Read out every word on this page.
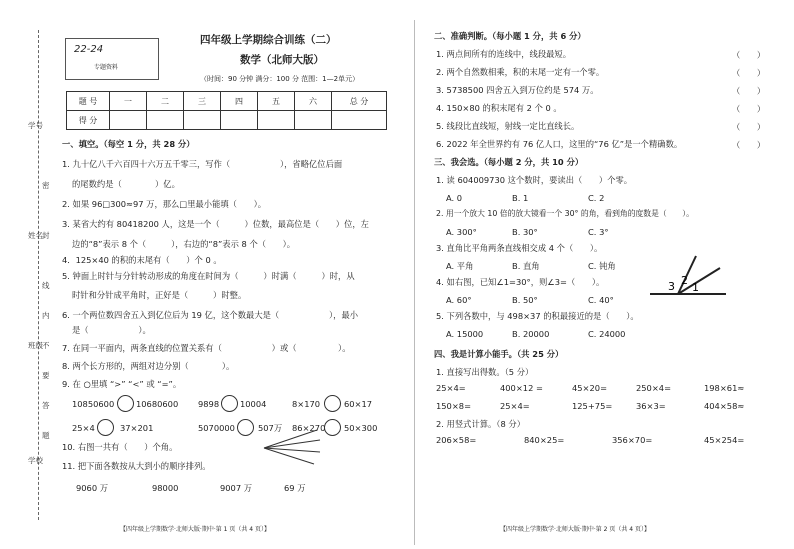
学号
姓名
班级
学校
密
封
线
内
不
要
答
题
22-24
专题资料
四年级上学期综合训练（二）
数学（北师大版）
（时间：90 分钟 满分：100 分 范围：1—2单元）
题 号	一	二	三	四	五	六	总 分
得 分							
一、填空。（每空 1 分，共 28 分）
1. 九十亿八千六百四十六万五千零三，写作（　　　　　　），省略亿位后面
的尾数约是（　　　　）亿。
2. 如果 96□300≈97 万，那么□里最小能填（　　）。
3. 某省大约有 80418200 人，这是一个（　　　）位数，最高位是（　　）位，左
边的“8”表示 8 个（　　　），右边的“8”表示 8 个（　　）。
4．125×40 的积的末尾有（　　）个 0 。
5. 钟面上时针与分针转动形成的角度在时间为（　　　）时满（　　　）时，从
时针和分针成平角时，正好是（　　　）时整。
6. 一个两位数四舍五入到亿位后为 19 亿，这个数最大是（　　　　　　），最小
是（　　　　　　）。
7. 在同一平面内，两条直线的位置关系有（　　　　　　）或（　　　　　）。
8. 两个长方形的，两组对边分别（　　　　）。
9. 在 ○里填 “>” “<” 或 “=”。
10850600	10680600 9898	10004	8×170	60×17
25×4	37×201	5070000	507万 86×270 50×300
10. 右图一共有（　　）个角。
11. 把下面各数按从大到小的顺序排列。
9060 万	98000	9007 万	69 万
【四年级上学期数学·北师大版·期中·第 1 页（共 4 页）】
二、准确判断。（每小题 1 分，共 6 分）
1. 两点间所有的连线中，线段最短。	（　　）
2. 两个自然数相乘，积的末尾一定有一个零。	（　　）
3. 5738500 四舍五入到万位约是 574 万。	（　　）
4. 150×80 的积末尾有 2 个 0 。	（　　）
5. 线段比直线短，射线一定比直线长。	（　　）
6. 2022 年全世界约有 76 亿人口，这里的“76 亿”是一个精确数。	（　　）
三、我会选。（每小题 2 分，共 10 分）
1. 读 604009730 这个数时，要读出（　　）个零。
A. 0	B. 1	C. 2
2. 用一个放大 10 倍的放大镜看一个 30° 的角，看到角的度数是（　　）。
A. 300°	B. 30°	C. 3°
3. 直角比平角两条直线相交成 4 个（　　）。
A. 平角	B. 直角	C. 钝角
4. 如右图，已知∠1=30°，则∠3=（　　）。
A. 60°	B. 50°	C. 40°
3 2
1
5. 下列各数中，与 498×37 的积最接近的是（　　）。
A. 15000	B. 20000	C. 24000
四、我是计算小能手。（共 25 分）
1. 直接写出得数。（5 分）
25×4=	400×12 =	45×20=	250×4=	198×61≈
150×8=	25×4=	125+75=	36×3=	404×58≈
2. 用竖式计算。（8 分）
206×58=	840×25=	356×70=	45×254=
【四年级上学期数学·北师大版·期中·第 2 页（共 4 页）】
